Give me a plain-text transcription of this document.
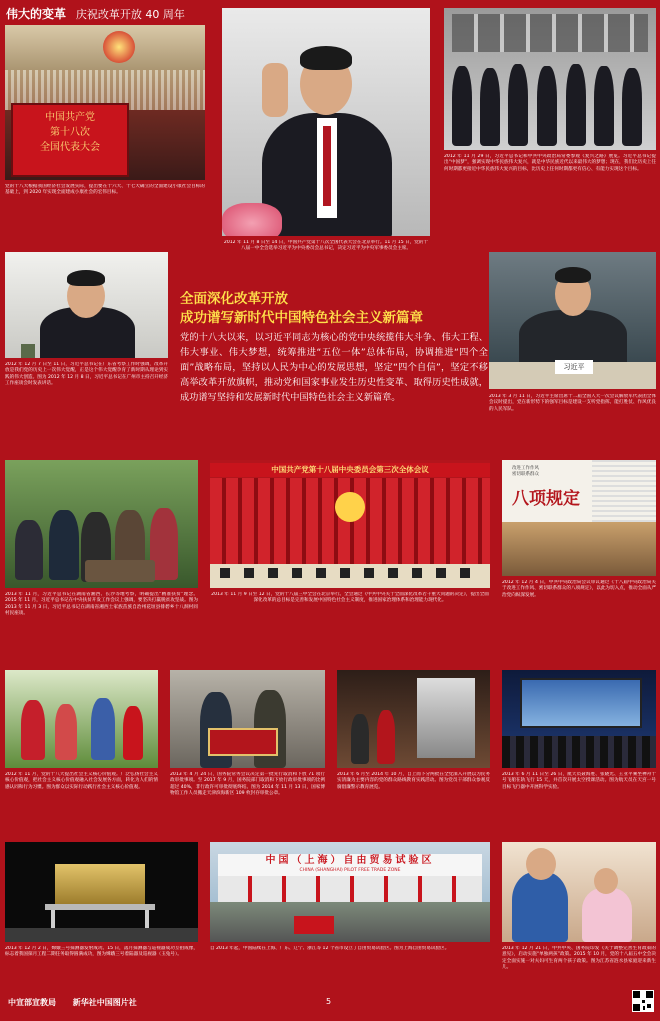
伟大的变革 庆祝改革开放 40 周年
中国共产党
第十八次
全国代表大会
党的十八大根据我国经济社会发展实际，提出要在十六大、十七大确立的全面建设小康社会目标的基础上，到 2020 年实现全面建成小康社会的宏伟目标。
2012 年 11 月 8 日至 14 日，中国共产党第十八次全国代表大会在北京举行。11 月 15 日，党的十八届一中全会选举习近平为中央委员会总书记，决定习近平为中央军事委员会主席。
2012 年 11 月 29 日，习近平总书记和中共中央政治局常委参观《复兴之路》展览。习近平总书记提出“中国梦”，强调实现中华民族伟大复兴，就是中华民族近代以来最伟大的梦想；现在，我们比历史上任何时期都更接近中华民族伟大复兴的目标，比历史上任何时期都更有信心、有能力实现这个目标。
2012 年 12 月 7 日至 11 日，习近平总书记在广东省考察工作时强调，改革开放是我们党的历史上一次伟大觉醒，正是这个伟大觉醒孕育了新时期从理论到实践的伟大创造。图为 2012 年 12 月 8 日，习近平总书记在广州市主持召开经济工作座谈会时发表讲话。
全面深化改革开放
成功谱写新时代中国特色社会主义新篇章
党的十八大以来，以习近平同志为核心的党中央统揽伟大斗争、伟大工程、伟大事业、伟大梦想，统筹推进“五位一体”总体布局，协调推进“四个全面”战略布局，坚持以人民为中心的发展思想，坚定“四个自信”，坚定不移高举改革开放旗帜，推动党和国家事业发生历史性变革、取得历史性成就，成功谱写坚持和发展新时代中国特色社会主义新篇章。
习近平
2013 年 3 月 11 日，习近平主席出席十二届全国人大一次会议解放军代表团全体会议时提出，党在新形势下的强军目标是建设一支听党指挥、能打胜仗、作风优良的人民军队。
2013 年 11 月，习近平总书记在湖南省湘西、长沙等地考察，明确提出“精准扶贫”理念。2015 年 11 月，习近平总书记在中央扶贫开发工作会议上强调，要坚决打赢脱贫攻坚战。图为 2013 年 11 月 3 日，习近平总书记在湖南省湘西土家族苗族自治州花垣县排碧乡十八洞村同村民座谈。
中国共产党第十八届中央委员会第三次全体会议
2013 年 11 月 9 日至 12 日，党的十八届三中全会在北京举行。全会通过《中共中央关于全面深化改革若干重大问题的决定》，提出全面深化改革的总目标是完善和发展中国特色社会主义制度，推进国家治理体系和治理能力现代化。
改进工作作风
密切联系群众
八项规定
2012 年 12 月 4 日，中共中央政治局会议审议通过《十八届中央政治局关于改进工作作风、密切联系群众的八项规定》，以此为切入点，推动全面从严治党向纵深发展。
2012 年 11 月，党的十八大提出社会主义核心价值观。广泛弘扬社会主义核心价值观，把社会主义核心价值观融入社会发展各方面，转化为人们的情感认同和行为习惯。图为群众以实际行动践行社会主义核心价值观。
2013 年 4 月 24 日，国务院常务会议决定第一批先行取消和下放 71 项行政审批事项。至 2017 年 9 月，国务院部门取消和下放行政审批事项的比例超过 40%，非行政许可审批彻底终结。图为 2014 年 11 月 13 日，国家博物馆工作人员搬走天津滨海新区 109 枚封存审批公章。
2013 年 6 月至 2014 年 10 月，自上而下分两批在全党深入开展以为民务实清廉为主要内容的党的群众路线教育实践活动。图为党员干部群众参观反腐倡廉警示教育展览。
2013 年 6 月 11 日至 26 日，航天员聂海胜、张晓光、王亚平乘坐神舟十号飞船在轨飞行 15 天，并首次开展太空授课活动。图为航天员在天宫一号目标飞行器中开展科学实验。
2013 年 12 月 2 日，嫦娥三号探测器发射成功。15 日，落月探测器与巡视器成功互拍成像，标志着我国探月工程二期任务取得圆满成功，图为嫦娥三号着陆器及巡视器（玉兔号）。
中国（上海）自由贸易试验区
CHINA (SHANGHAI) PILOT FREE TRADE ZONE
自 2013 年起，中国陆续在上海、广东、辽宁、浙江等 12 个省市设立了自由贸易试验区。图为上海自由贸易试验区。	2013 年 12 月 21 日，中共中央、国务院印发《关于调整完善生育政策的意见》，启动实施“单独两孩”政策。2015 年 10 月，党的十八届五中全会决定全面实施一对夫妇可生育两个孩子政策。图为江苏省涟水县家庭迎来新生儿。
中宣部宣教局 新华社中国图片社	5
